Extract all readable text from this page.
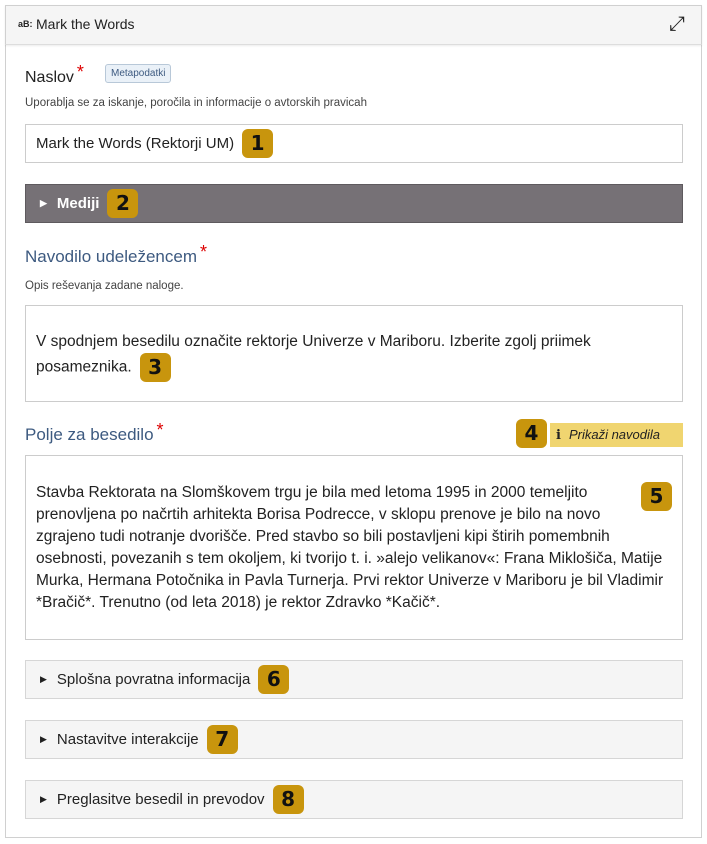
aB: Mark the Words	⤢
Naslov *	Metapodatki
Uporablja se za iskanje, poročila in informacije o avtorskih pravicah
Mark the Words (Rektorji UM) 1
▶ Mediji 2
Navodilo udeležencem *
Opis reševanja zadane naloge.
V spodnjem besedilu označite rektorje Univerze v Mariboru. Izberite zgolj priimek posameznika. 3
Polje za besedilo *	4	i Prikaži navodila
5
Stavba Rektorata na Slomškovem trgu je bila med letoma 1995 in 2000 temeljito prenovljena po načrtih arhitekta Borisa Podrecce, v sklopu prenove je bilo na novo zgrajeno tudi notranje dvorišče. Pred stavbo so bili postavljeni kipi štirih pomembnih osebnosti, povezanih s tem okoljem, ki tvorijo t. i. »alejo velikanov«: Frana Miklošiča, Matije Murka, Hermana Potočnika in Pavla Turnerja. Prvi rektor Univerze v Mariboru je bil Vladimir *Bračič*. Trenutno (od leta 2018) je rektor Zdravko *Kačič*.
▶ Splošna povratna informacija 6
▶ Nastavitve interakcije 7
▶ Preglasitve besedil in prevodov 8
